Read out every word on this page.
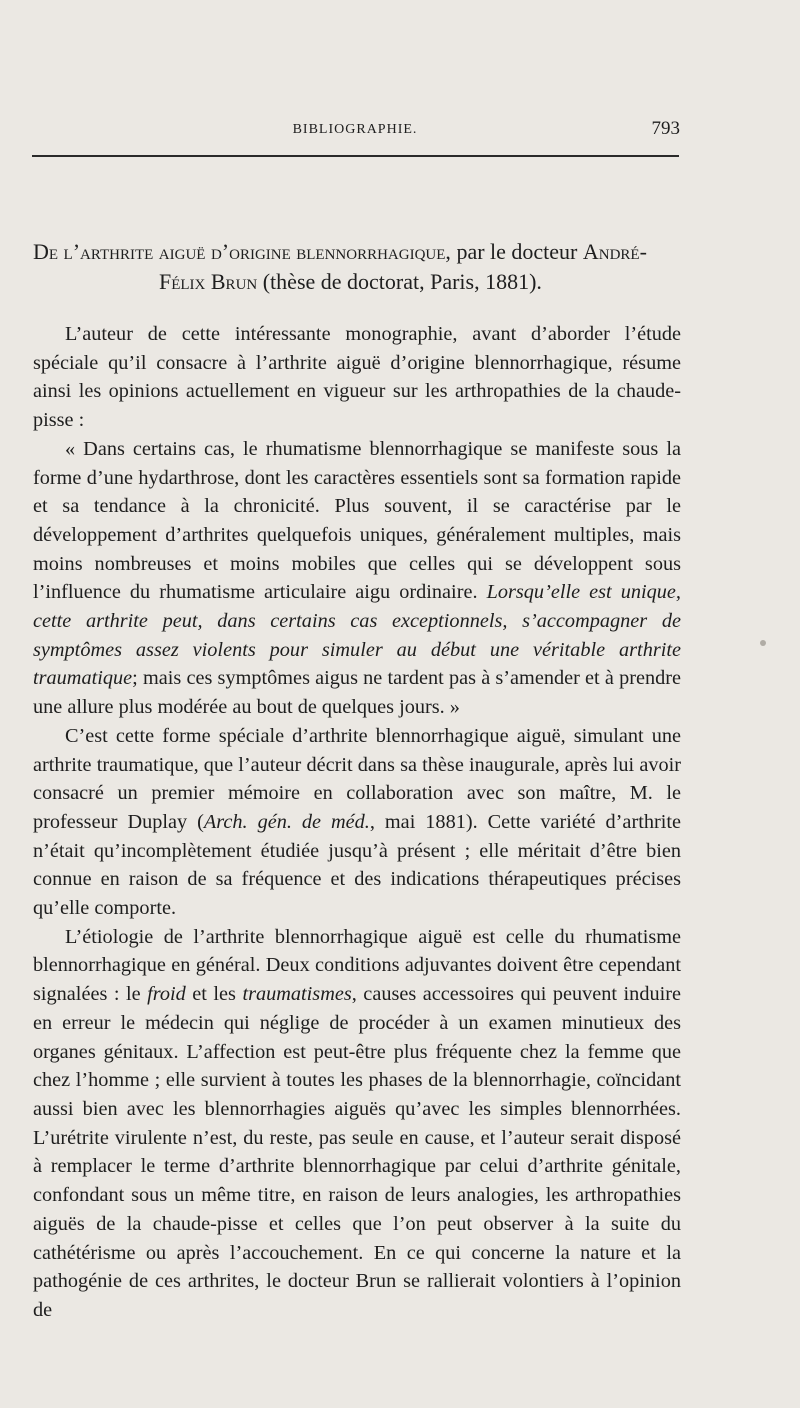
BIBLIOGRAPHIE.	793
De l’arthrite aiguë d’origine blennorrhagique, par le docteur André-
Félix Brun (thèse de doctorat, Paris, 1881).

L’auteur de cette intéressante monographie, avant d’aborder l’étude spéciale qu’il consacre à l’arthrite aiguë d’origine blennorrhagique, résume ainsi les opinions actuellement en vigueur sur les arthropathies de la chaude-pisse :

« Dans certains cas, le rhumatisme blennorrhagique se manifeste sous la forme d’une hydarthrose, dont les caractères essentiels sont sa formation rapide et sa tendance à la chronicité. Plus souvent, il se caractérise par le développement d’arthrites quelquefois uniques, généralement multiples, mais moins nombreuses et moins mobiles que celles qui se développent sous l’influence du rhumatisme articulaire aigu ordinaire. Lorsqu’elle est unique, cette arthrite peut, dans certains cas exceptionnels, s’accompagner de symptômes assez violents pour simuler au début une véritable arthrite traumatique; mais ces symptômes aigus ne tardent pas à s’amender et à prendre une allure plus modérée au bout de quelques jours. »

C’est cette forme spéciale d’arthrite blennorrhagique aiguë, simulant une arthrite traumatique, que l’auteur décrit dans sa thèse inaugurale, après lui avoir consacré un premier mémoire en collaboration avec son maître, M. le professeur Duplay (Arch. gén. de méd., mai 1881). Cette variété d’arthrite n’était qu’incomplètement étudiée jusqu’à présent ; elle méritait d’être bien connue en raison de sa fréquence et des indications thérapeutiques précises qu’elle comporte.

L’étiologie de l’arthrite blennorrhagique aiguë est celle du rhumatisme blennorrhagique en général. Deux conditions adjuvantes doivent être cependant signalées : le froid et les traumatismes, causes accessoires qui peuvent induire en erreur le médecin qui néglige de procéder à un examen minutieux des organes génitaux. L’affection est peut-être plus fréquente chez la femme que chez l’homme ; elle survient à toutes les phases de la blennorrhagie, coïncidant aussi bien avec les blennorrhagies aiguës qu’avec les simples blennorrhées. L’urétrite virulente n’est, du reste, pas seule en cause, et l’auteur serait disposé à remplacer le terme d’arthrite blennorrhagique par celui d’arthrite génitale, confondant sous un même titre, en raison de leurs analogies, les arthropathies aiguës de la chaude-pisse et celles que l’on peut observer à la suite du cathétérisme ou après l’accouchement. En ce qui concerne la nature et la pathogénie de ces arthrites, le docteur Brun se rallierait volontiers à l’opinion de
